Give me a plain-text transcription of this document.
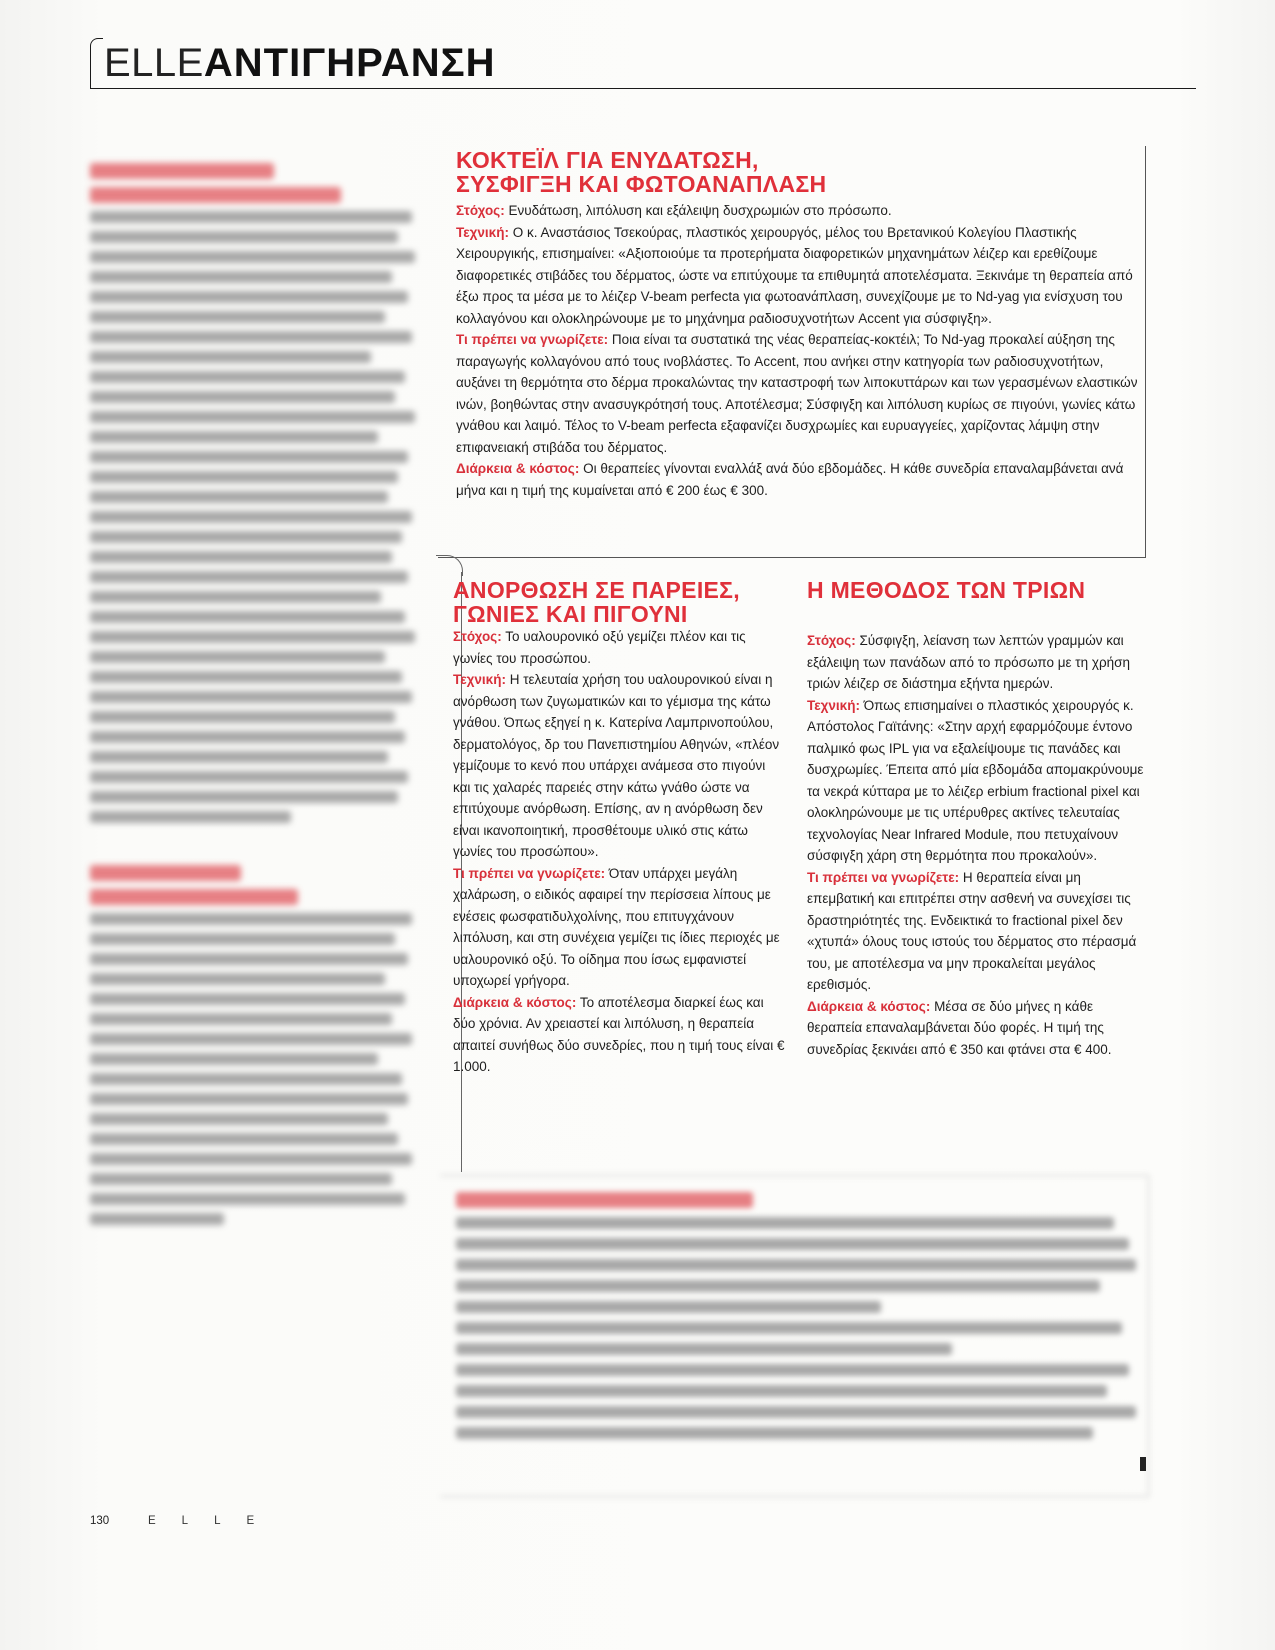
ELLEΑΝΤΙΓΗΡΑΝΣΗ
ΚΟΚΤΕΪΛ ΓΙΑ ΕΝΥΔΑΤΩΣΗ,
ΣΥΣΦΙΓΞΗ ΚΑΙ ΦΩΤΟΑΝΑΠΛΑΣΗ

Στόχος: Ενυδάτωση, λιπόλυση και εξάλειψη δυσχρωμιών στο πρόσωπο.
Τεχνική: Ο κ. Αναστάσιος Τσεκούρας, πλαστικός χειρουργός, μέλος του Βρετανικού Κολεγίου Πλαστικής Χειρουργικής, επισημαίνει: «Αξιοποιούμε τα προτερήματα διαφορετικών μηχανημάτων λέιζερ και ερεθίζουμε διαφορετικές στιβάδες του δέρματος, ώστε να επιτύχουμε τα επιθυμητά αποτελέσματα. Ξεκινάμε τη θεραπεία από έξω προς τα μέσα με το λέιζερ V-beam perfecta για φωτοανάπλαση, συνεχίζουμε με το Nd-yag για ενίσχυση του κολλαγόνου και ολοκληρώνουμε με το μηχάνημα ραδιοσυχνοτήτων Accent για σύσφιγξη».
Τι πρέπει να γνωρίζετε: Ποια είναι τα συστατικά της νέας θεραπείας-κοκτέιλ; Το Nd-yag προκαλεί αύξηση της παραγωγής κολλαγόνου από τους ινοβλάστες. Το Accent, που ανήκει στην κατηγορία των ραδιοσυχνοτήτων, αυξάνει τη θερμότητα στο δέρμα προκαλώντας την καταστροφή των λιποκυττάρων και των γερασμένων ελαστικών ινών, βοηθώντας στην ανασυγκρότησή τους. Αποτέλεσμα; Σύσφιγξη και λιπόλυση κυρίως σε πιγούνι, γωνίες κάτω γνάθου και λαιμό. Τέλος το V-beam perfecta εξαφανίζει δυσχρωμίες και ευρυαγγείες, χαρίζοντας λάμψη στην επιφανειακή στιβάδα του δέρματος.
Διάρκεια & κόστος: Οι θεραπείες γίνονται εναλλάξ ανά δύο εβδομάδες. Η κάθε συνεδρία επαναλαμβάνεται ανά μήνα και η τιμή της κυμαίνεται από € 200 έως € 300.

ΑΝΟΡΘΩΣΗ ΣΕ ΠΑΡΕΙΕΣ,
ΓΩΝΙΕΣ ΚΑΙ ΠΙΓΟΥΝΙ

Στόχος: Το υαλουρονικό οξύ γεμίζει πλέον και τις γωνίες του προσώπου.
Τεχνική: Η τελευταία χρήση του υαλουρονικού είναι η ανόρθωση των ζυγωματικών και το γέμισμα της κάτω γνάθου. Όπως εξηγεί η κ. Κατερίνα Λαμπρινοπούλου, δερματολόγος, δρ του Πανεπιστημίου Αθηνών, «πλέον γεμίζουμε το κενό που υπάρχει ανάμεσα στο πιγούνι και τις χαλαρές παρειές στην κάτω γνάθο ώστε να επιτύχουμε ανόρθωση. Επίσης, αν η ανόρθωση δεν είναι ικανοποιητική, προσθέτουμε υλικό στις κάτω γωνίες του προσώπου».
Τι πρέπει να γνωρίζετε: Όταν υπάρχει μεγάλη χαλάρωση, ο ειδικός αφαιρεί την περίσσεια λίπους με ενέσεις φωσφατιδυλχολίνης, που επιτυγχάνουν λιπόλυση, και στη συνέχεια γεμίζει τις ίδιες περιοχές με υαλουρονικό οξύ. Το οίδημα που ίσως εμφανιστεί υποχωρεί γρήγορα.
Διάρκεια & κόστος: Το αποτέλεσμα διαρκεί έως και δύο χρόνια. Αν χρειαστεί και λιπόλυση, η θεραπεία απαιτεί συνήθως δύο συνεδρίες, που η τιμή τους είναι € 1.000.

Η ΜΕΘΟΔΟΣ ΤΩΝ ΤΡΙΩΝ

Στόχος: Σύσφιγξη, λείανση των λεπτών γραμμών και εξάλειψη των πανάδων από το πρόσωπο με τη χρήση τριών λέιζερ σε διάστημα εξήντα ημερών.
Τεχνική: Όπως επισημαίνει ο πλαστικός χειρουργός κ. Απόστολος Γαϊτάνης: «Στην αρχή εφαρμόζουμε έντονο παλμικό φως IPL για να εξαλείψουμε τις πανάδες και δυσχρωμίες. Έπειτα από μία εβδομάδα απομακρύνουμε τα νεκρά κύτταρα με το λέιζερ erbium fractional pixel και ολοκληρώνουμε με τις υπέρυθρες ακτίνες τελευταίας τεχνολογίας Near Infrared Module, που πετυχαίνουν σύσφιγξη χάρη στη θερμότητα που προκαλούν».
Τι πρέπει να γνωρίζετε: Η θεραπεία είναι μη επεμβατική και επιτρέπει στην ασθενή να συνεχίσει τις δραστηριότητές της. Ενδεικτικά το fractional pixel δεν «χτυπά» όλους τους ιστούς του δέρματος στο πέρασμά του, με αποτέλεσμα να μην προκαλείται μεγάλος ερεθισμός.
Διάρκεια & κόστος: Μέσα σε δύο μήνες η κάθε θεραπεία επαναλαμβάνεται δύο φορές. Η τιμή της συνεδρίας ξεκινάει από € 350 και φτάνει στα € 400.

130	ELLE
